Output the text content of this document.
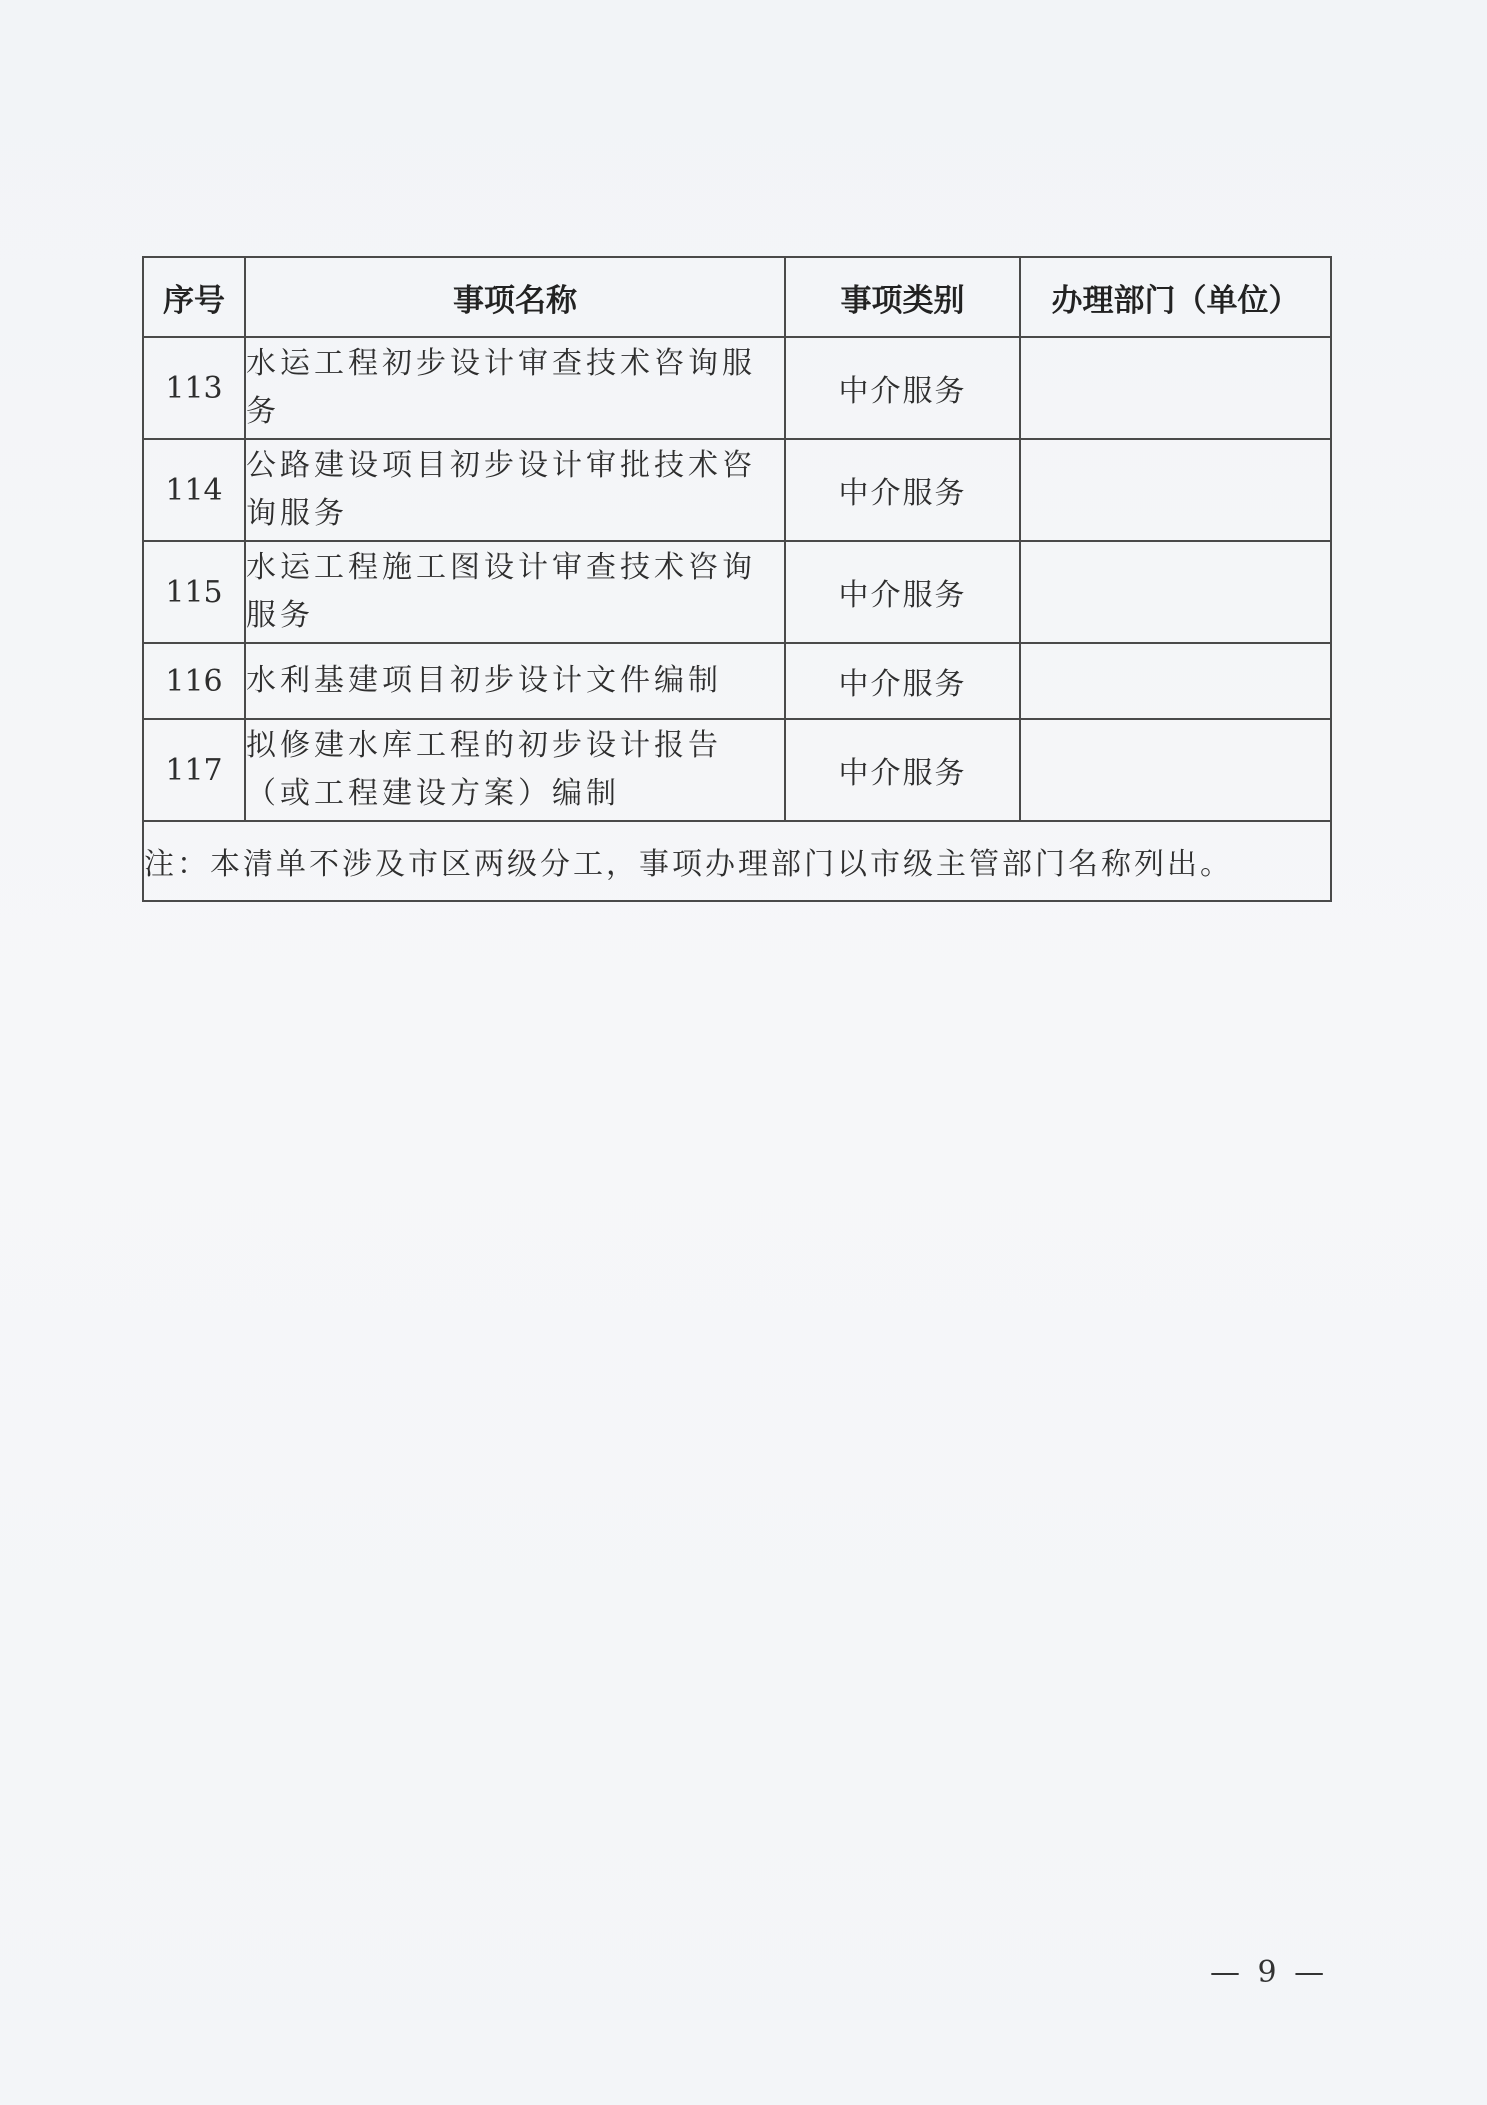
序号	事项名称	事项类别	办理部门（单位）
113	水运工程初步设计审查技术咨询服务	中介服务	
114	公路建设项目初步设计审批技术咨询服务	中介服务	
115	水运工程施工图设计审查技术咨询服务	中介服务	
116	水利基建项目初步设计文件编制	中介服务	
117	拟修建水库工程的初步设计报告（或工程建设方案）编制	中介服务	
注：本清单不涉及市区两级分工，事项办理部门以市级主管部门名称列出。			
— 9 —
